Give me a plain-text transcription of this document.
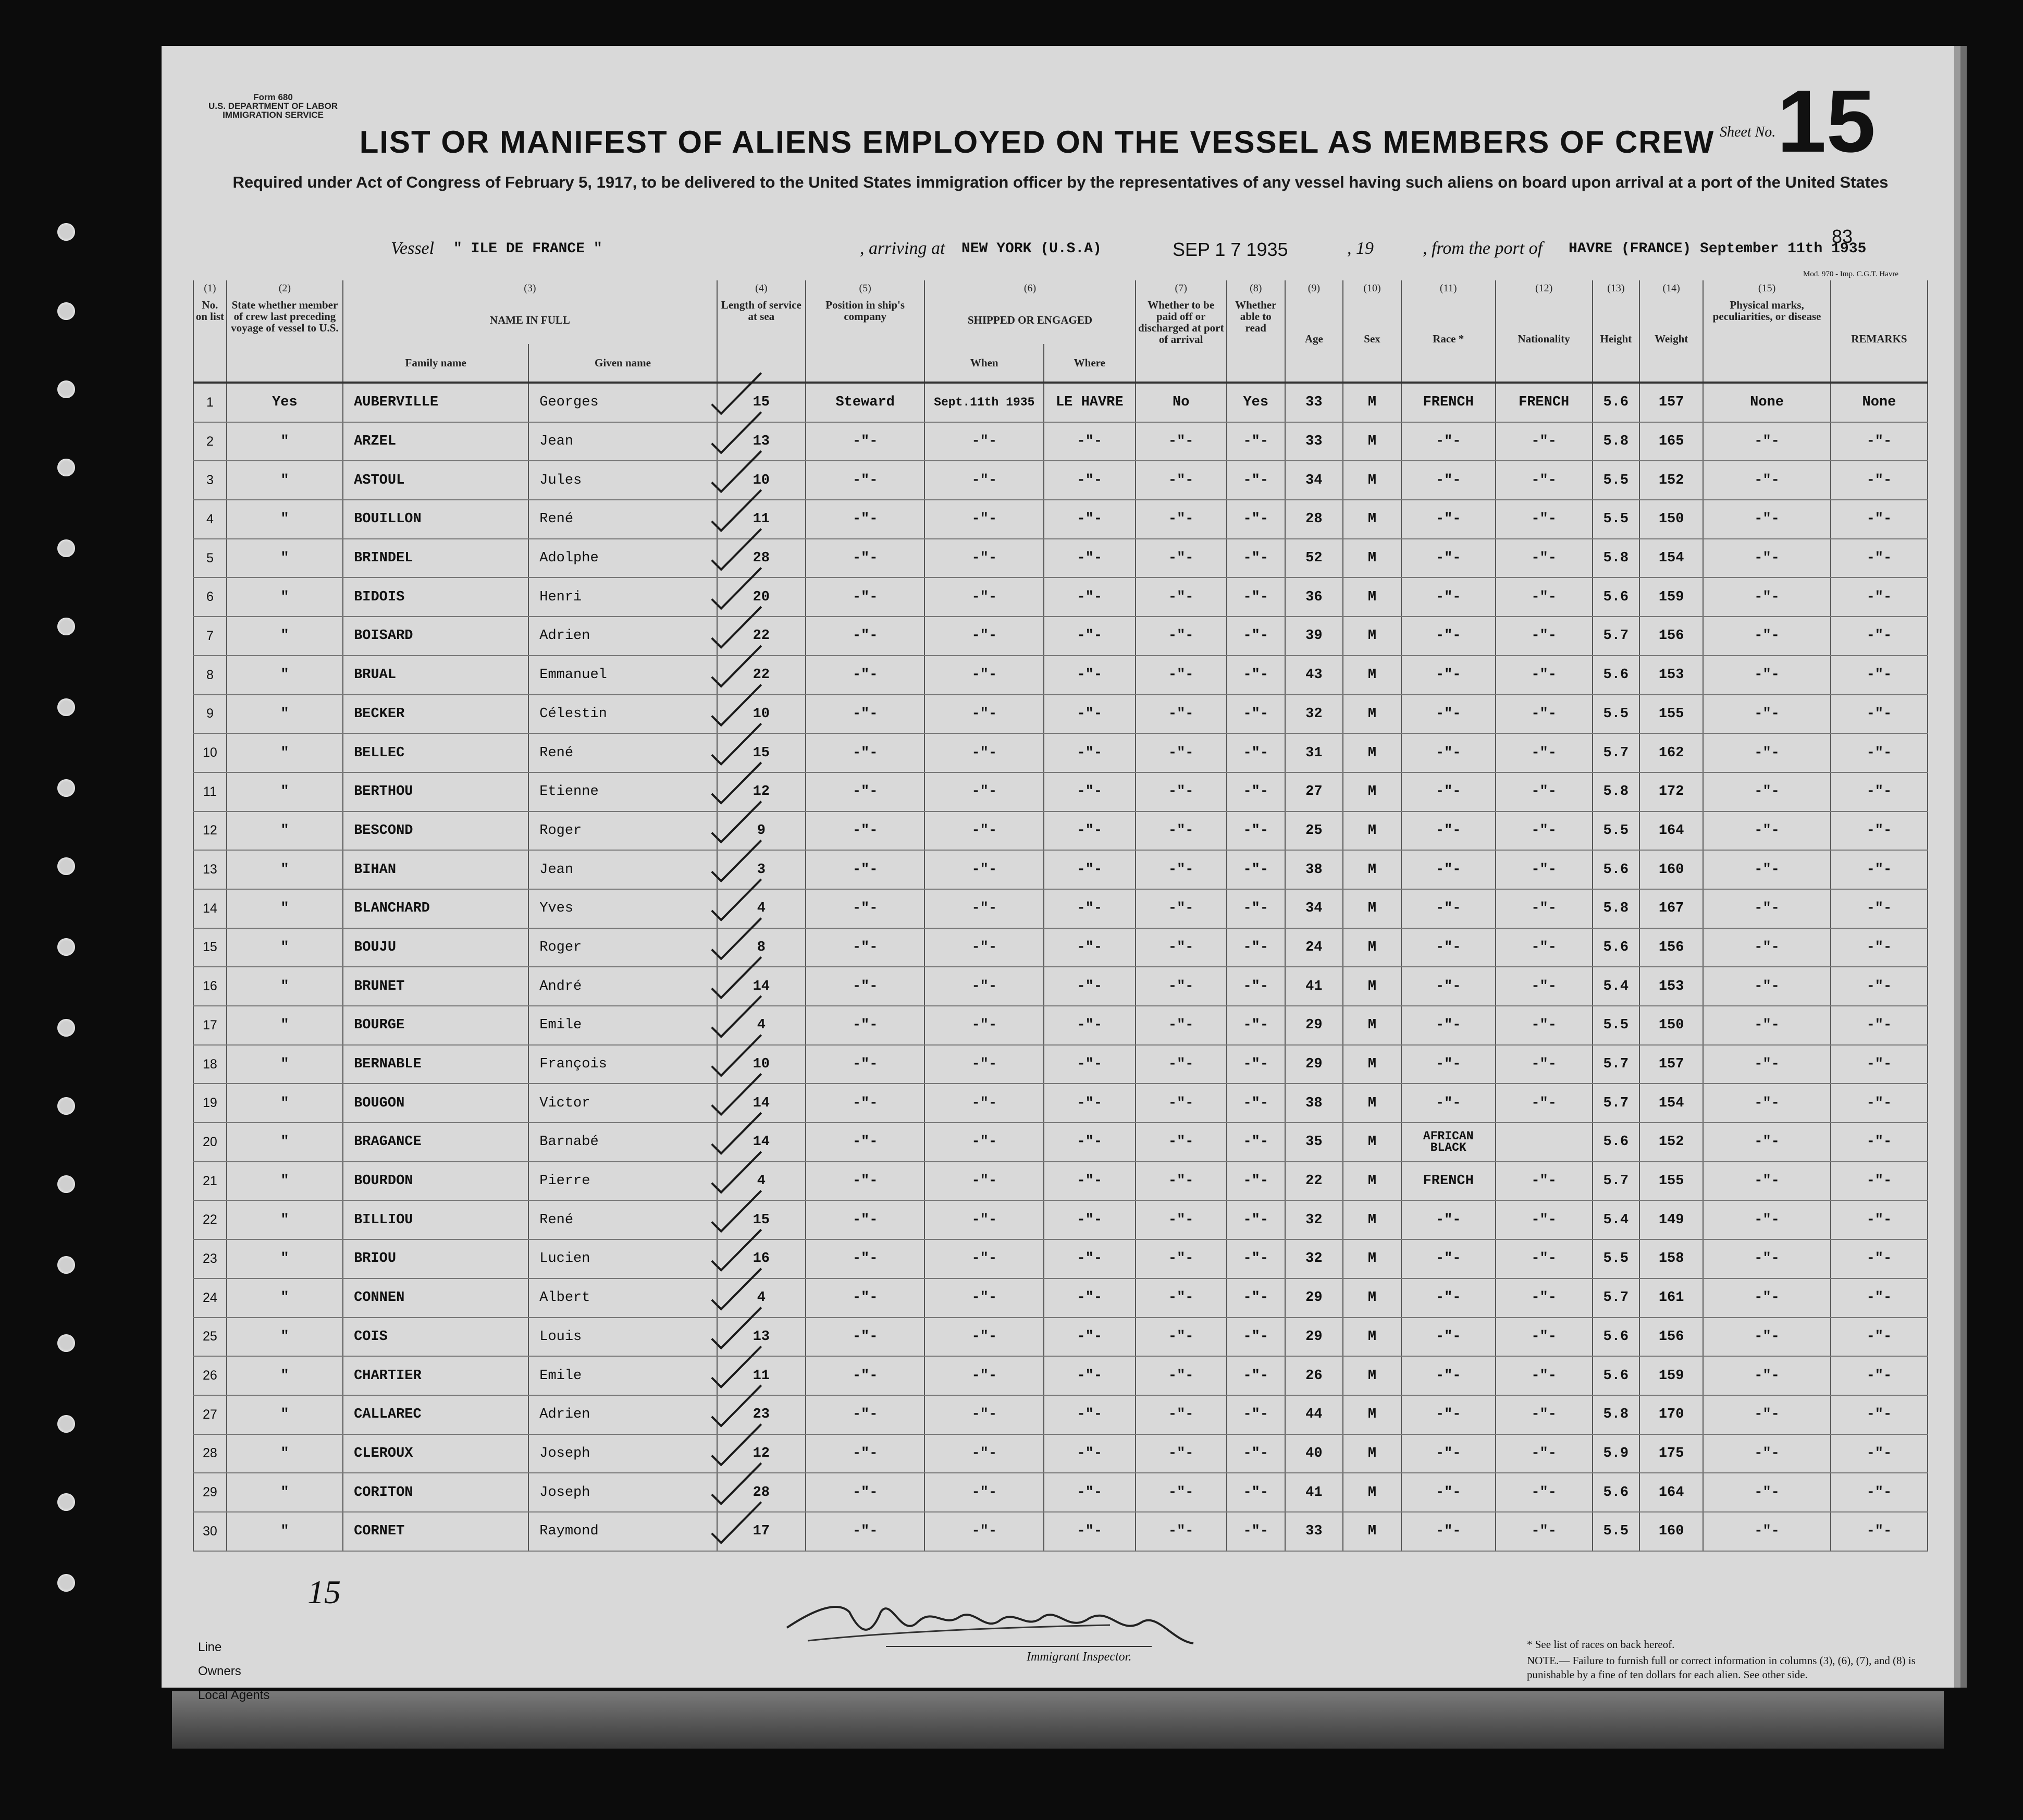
Form 680
U.S. DEPARTMENT OF LABOR
IMMIGRATION SERVICE
LIST OR MANIFEST OF ALIENS EMPLOYED ON THE VESSEL AS MEMBERS OF CREW Sheet No. 15
Required under Act of Congress of February 5, 1917, to be delivered to the United States immigration officer by the representatives of any vessel having such aliens on board upon arrival at a port of the United States
Vessel " ILE DE FRANCE "	, arriving at NEW YORK (U.S.A)	SEP 1 7 1935	, 19	, from the port of HAVRE (FRANCE) September 11th 1935
83
Mod. 970 - Imp. C.G.T. Havre
(1)	(2)	(3)		(4)	(5)	(6)		(7)	(8)	(9)	(10)	(11)	(12)	(13)	(14)	(15)	
No. on list	State whether member of crew last preceding voyage of vessel to U.S.	NAME IN FULL		Length of service at sea	Position in ship's company	SHIPPED OR ENGAGED		Whether to be paid off or discharged at port of arrival	Whether able to read	Age	Sex	Race *	Nationality	Height	Weight	Physical marks, peculiarities, or disease	REMARKS
		Family name	Given name			When	Where										
1	Yes	AUBERVILLE	Georges	15	Steward	Sept.11th 1935	LE HAVRE	No	Yes	33	M	FRENCH	FRENCH	5.6	157	None	None
2	"	ARZEL	Jean	13	-"-	-"-	-"-	-"-	-"-	33	M	-"-	-"-	5.8	165	-"-	-"-
3	"	ASTOUL	Jules	10	-"-	-"-	-"-	-"-	-"-	34	M	-"-	-"-	5.5	152	-"-	-"-
4	"	BOUILLON	René	11	-"-	-"-	-"-	-"-	-"-	28	M	-"-	-"-	5.5	150	-"-	-"-
5	"	BRINDEL	Adolphe	28	-"-	-"-	-"-	-"-	-"-	52	M	-"-	-"-	5.8	154	-"-	-"-
6	"	BIDOIS	Henri	20	-"-	-"-	-"-	-"-	-"-	36	M	-"-	-"-	5.6	159	-"-	-"-
7	"	BOISARD	Adrien	22	-"-	-"-	-"-	-"-	-"-	39	M	-"-	-"-	5.7	156	-"-	-"-
8	"	BRUAL	Emmanuel	22	-"-	-"-	-"-	-"-	-"-	43	M	-"-	-"-	5.6	153	-"-	-"-
9	"	BECKER	Célestin	10	-"-	-"-	-"-	-"-	-"-	32	M	-"-	-"-	5.5	155	-"-	-"-
10	"	BELLEC	René	15	-"-	-"-	-"-	-"-	-"-	31	M	-"-	-"-	5.7	162	-"-	-"-
11	"	BERTHOU	Etienne	12	-"-	-"-	-"-	-"-	-"-	27	M	-"-	-"-	5.8	172	-"-	-"-
12	"	BESCOND	Roger	9	-"-	-"-	-"-	-"-	-"-	25	M	-"-	-"-	5.5	164	-"-	-"-
13	"	BIHAN	Jean	3	-"-	-"-	-"-	-"-	-"-	38	M	-"-	-"-	5.6	160	-"-	-"-
14	"	BLANCHARD	Yves	4	-"-	-"-	-"-	-"-	-"-	34	M	-"-	-"-	5.8	167	-"-	-"-
15	"	BOUJU	Roger	8	-"-	-"-	-"-	-"-	-"-	24	M	-"-	-"-	5.6	156	-"-	-"-
16	"	BRUNET	André	14	-"-	-"-	-"-	-"-	-"-	41	M	-"-	-"-	5.4	153	-"-	-"-
17	"	BOURGE	Emile	4	-"-	-"-	-"-	-"-	-"-	29	M	-"-	-"-	5.5	150	-"-	-"-
18	"	BERNABLE	François	10	-"-	-"-	-"-	-"-	-"-	29	M	-"-	-"-	5.7	157	-"-	-"-
19	"	BOUGON	Victor	14	-"-	-"-	-"-	-"-	-"-	38	M	-"-	-"-	5.7	154	-"-	-"-
20	"	BRAGANCE	Barnabé	14	-"-	-"-	-"-	-"-	-"-	35	M	AFRICAN BLACK		5.6	152	-"-	-"-
21	"	BOURDON	Pierre	4	-"-	-"-	-"-	-"-	-"-	22	M	FRENCH	-"-	5.7	155	-"-	-"-
22	"	BILLIOU	René	15	-"-	-"-	-"-	-"-	-"-	32	M	-"-	-"-	5.4	149	-"-	-"-
23	"	BRIOU	Lucien	16	-"-	-"-	-"-	-"-	-"-	32	M	-"-	-"-	5.5	158	-"-	-"-
24	"	CONNEN	Albert	4	-"-	-"-	-"-	-"-	-"-	29	M	-"-	-"-	5.7	161	-"-	-"-
25	"	COIS	Louis	13	-"-	-"-	-"-	-"-	-"-	29	M	-"-	-"-	5.6	156	-"-	-"-
26	"	CHARTIER	Emile	11	-"-	-"-	-"-	-"-	-"-	26	M	-"-	-"-	5.6	159	-"-	-"-
27	"	CALLAREC	Adrien	23	-"-	-"-	-"-	-"-	-"-	44	M	-"-	-"-	5.8	170	-"-	-"-
28	"	CLEROUX	Joseph	12	-"-	-"-	-"-	-"-	-"-	40	M	-"-	-"-	5.9	175	-"-	-"-
29	"	CORITON	Joseph	28	-"-	-"-	-"-	-"-	-"-	41	M	-"-	-"-	5.6	164	-"-	-"-
30	"	CORNET	Raymond	17	-"-	-"-	-"-	-"-	-"-	33	M	-"-	-"-	5.5	160	-"-	-"-
15
Line
Owners
Local Agents
Immigrant Inspector.
* See list of races on back hereof.
NOTE.— Failure to furnish full or correct information in columns (3), (6), (7), and (8) is punishable by a fine of ten dollars for each alien. See other side.
